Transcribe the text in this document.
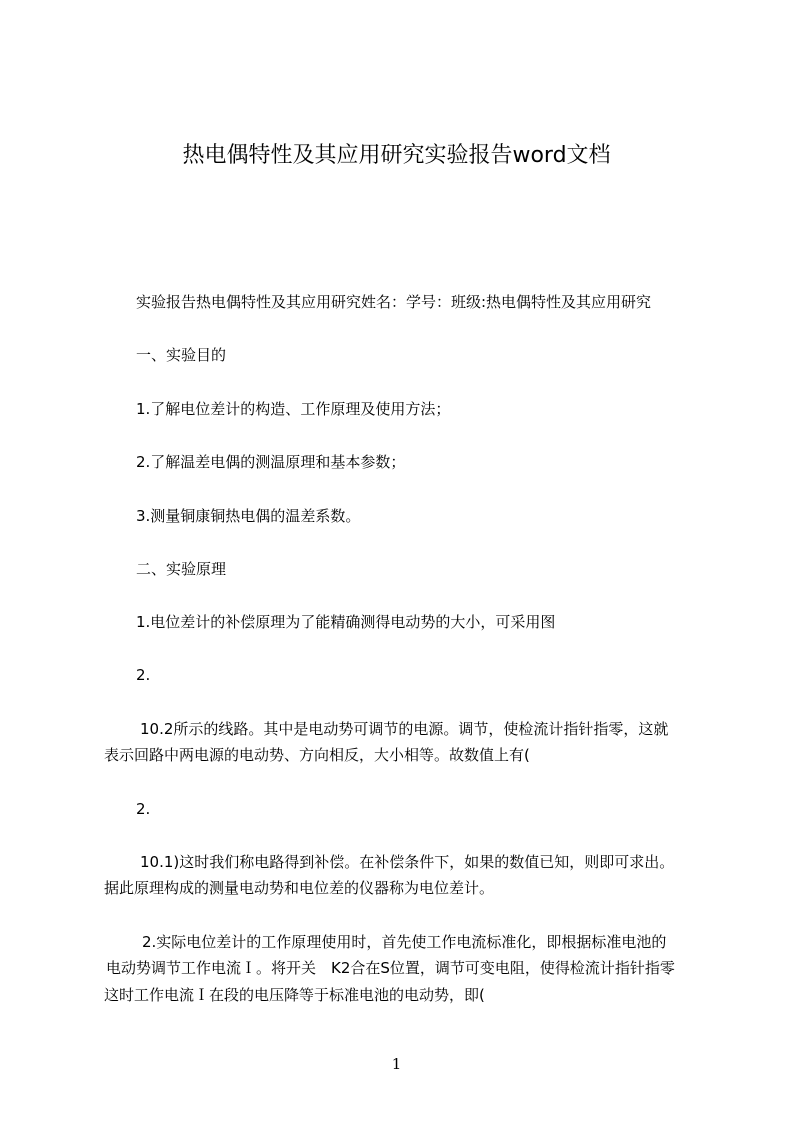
热电偶特性及其应用研究实验报告word文档
实验报告热电偶特性及其应用研究姓名：学号：班级:热电偶特性及其应用研究
一、实验目的
1.了解电位差计的构造、工作原理及使用方法；
2.了解温差电偶的测温原理和基本参数；
3.测量铜康铜热电偶的温差系数。
二、实验原理
1.电位差计的补偿原理为了能精确测得电动势的大小，可采用图
2.
10.2所示的线路。其中是电动势可调节的电源。调节，使检流计指针指零，这就
表示回路中两电源的电动势、方向相反，大小相等。故数值上有(
2.
10.1)这时我们称电路得到补偿。在补偿条件下，如果的数值已知，则即可求出。
据此原理构成的测量电动势和电位差的仪器称为电位差计。
2.实际电位差计的工作原理使用时，首先使工作电流标准化，即根据标准电池的
电动势调节工作电流Ｉ。将开关　K2合在S位置，调节可变电阻，使得检流计指针指零
这时工作电流Ｉ在段的电压降等于标准电池的电动势，即(
1
